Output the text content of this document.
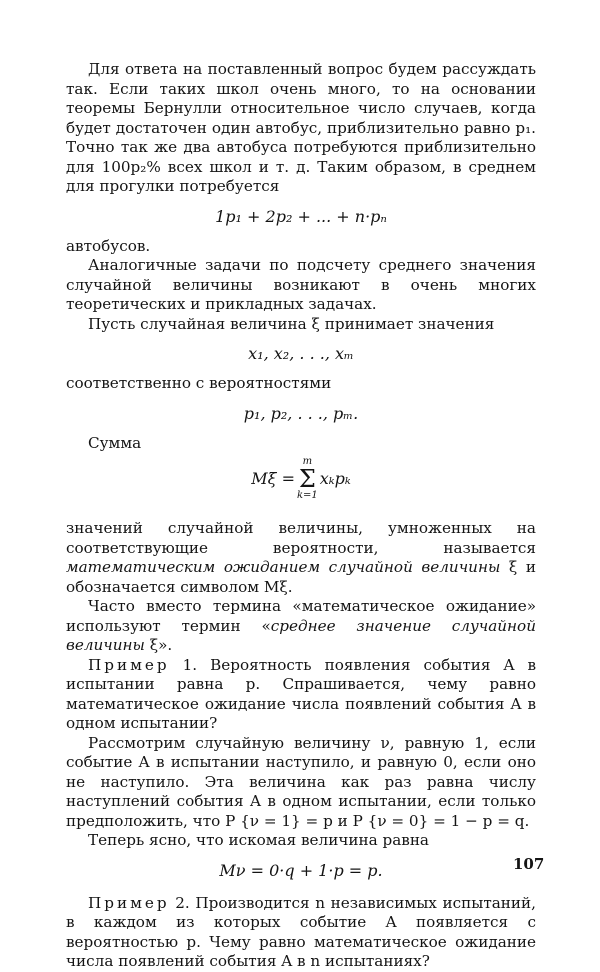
Для ответа на поставленный вопрос будем рассуждать так. Если таких школ очень много, то на основании теоремы Бернулли относительное число случаев, когда будет достаточен один автобус, приблизительно равно p₁. Точно так же два автобуса потребуются приблизительно для 100p₂% всех школ и т. д. Таким образом, в среднем для прогулки потребуется
1p₁ + 2p₂ + ... + n·pₙ
автобусов.
Аналогичные задачи по подсчету среднего значения случайной величины возникают в очень многих теоретических и прикладных задачах.
Пусть случайная величина ξ принимает значения
x₁, x₂, . . ., xₘ
соответственно с вероятностями
p₁, p₂, . . ., pₘ.
Сумма
Mξ =
m
Σ
k=1
xₖpₖ
значений случайной величины, умноженных на соответствующие вероятности, называется математическим ожиданием случайной величины ξ и обозначается символом Mξ.
Часто вместо термина «математическое ожидание» используют термин «среднее значение случайной величины ξ».
Пример 1. Вероятность появления события A в испытании равна p. Спрашивается, чему равно математическое ожидание числа появлений события A в одном испытании?
Рассмотрим случайную величину ν, равную 1, если событие A в испытании наступило, и равную 0, если оно не наступило. Эта величина как раз равна числу наступлений события A в одном испытании, если только предположить, что P {ν = 1} = p и P {ν = 0} = 1 − p = q.
Теперь ясно, что искомая величина равна
Mν = 0·q + 1·p = p.
Пример 2. Производится n независимых испытаний, в каждом из которых событие A появляется с вероятностью p. Чему равно математическое ожидание числа появлений события A в n испытаниях?
107
